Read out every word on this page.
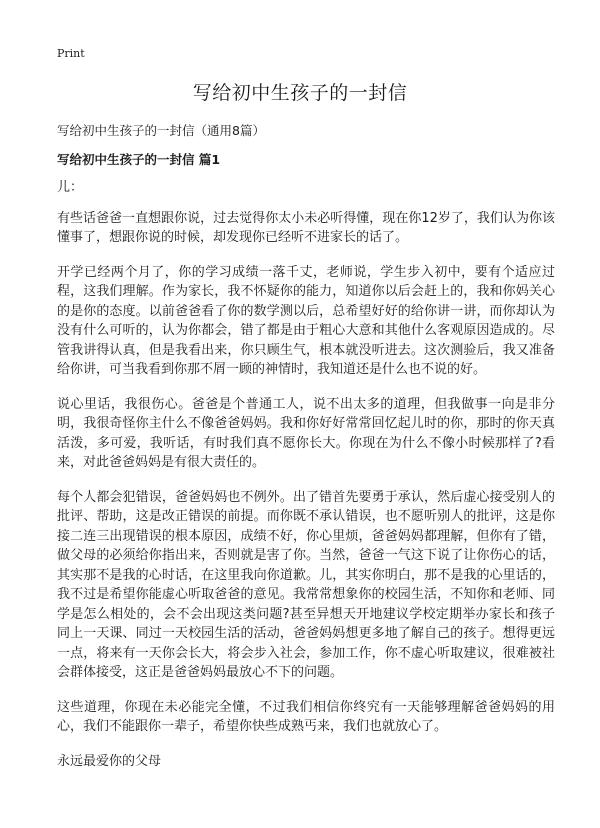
Print
写给初中生孩子的一封信

写给初中生孩子的一封信（通用8篇）

写给初中生孩子的一封信 篇1

儿：

有些话爸爸一直想跟你说，过去觉得你太小未必听得懂，现在你12岁了，我们认为你该懂事了，想跟你说的时候，却发现你已经听不进家长的话了。

开学已经两个月了，你的学习成绩一落千丈，老师说，学生步入初中，要有个适应过程，这我们理解。作为家长，我不怀疑你的能力，知道你以后会赶上的，我和你妈关心的是你的态度。以前爸爸看了你的数学测以后，总希望好好的给你讲一讲，而你却认为没有什么可听的，认为你都会，错了都是由于粗心大意和其他什么客观原因造成的。尽管我讲得认真，但是我看出来，你只顾生气，根本就没听进去。这次测验后，我又准备给你讲，可当我看到你那不屑一顾的神情时，我知道还是什么也不说的好。

说心里话，我很伤心。爸爸是个普通工人，说不出太多的道理，但我做事一向是非分明，我很奇怪你主什么不像爸爸妈妈。我和你好好常常回忆起儿时的你，那时的你天真活泼，多可爱，我听话，有时我们真不愿你长大。你现在为什么不像小时候那样了?看来，对此爸爸妈妈是有很大责任的。

每个人都会犯错误，爸爸妈妈也不例外。出了错首先要勇于承认，然后虚心接受别人的批评、帮助，这是改正错误的前提。而你既不承认错误，也不愿听别人的批评，这是你接二连三出现错误的根本原因，成绩不好，你心里烦，爸爸妈妈都理解，但你有了错，做父母的必须给你指出来，否则就是害了你。当然，爸爸一气这下说了让你伤心的话，其实那不是我的心时话，在这里我向你道歉。儿，其实你明白，那不是我的心里话的，我不过是希望你能虚心听取爸爸的意见。我常常想象你的校园生活，不知你和老师、同学是怎么相处的，会不会出现这类问题?甚至异想天开地建议学校定期举办家长和孩子同上一天课、同过一天校园生活的活动，爸爸妈妈想更多地了解自己的孩子。想得更远一点，将来有一天你会长大，将会步入社会，参加工作，你不虚心听取建议，很难被社会群体接受，这正是爸爸妈妈最放心不下的问题。

这些道理，你现在未必能完全懂，不过我们相信你终究有一天能够理解爸爸妈妈的用心，我们不能跟你一辈子，希望你快些成熟丐来，我们也就放心了。

永远最爱你的父母
